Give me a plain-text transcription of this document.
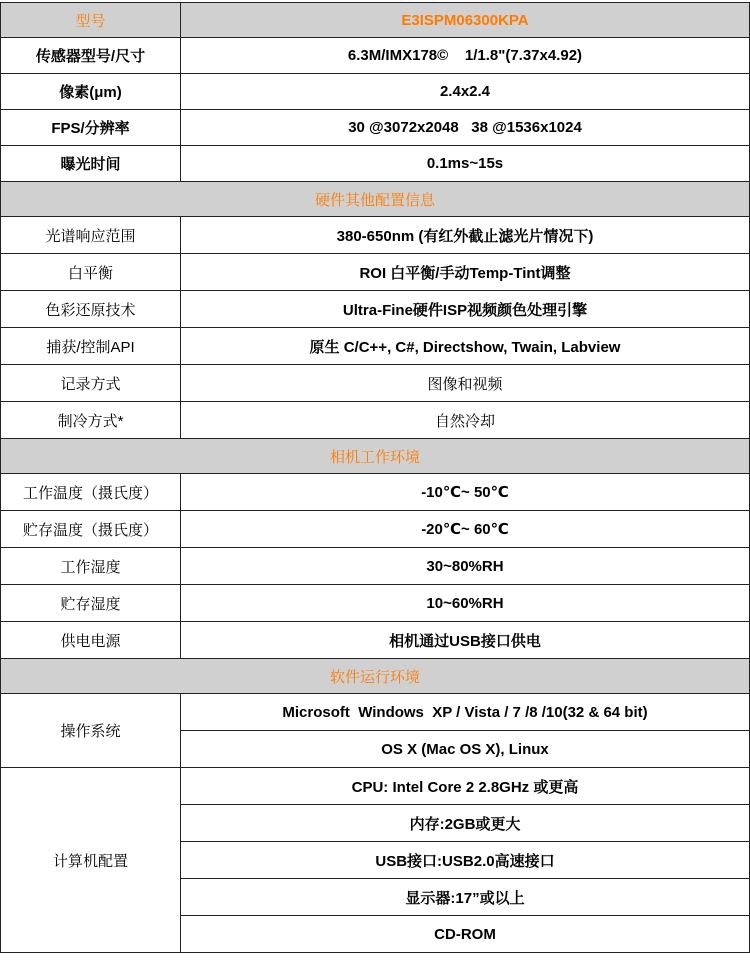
型号	E3ISPM06300KPA
传感器型号/尺寸	6.3M/IMX178©    1/1.8"(7.37x4.92)
像素(μm)	2.4x2.4
FPS/分辨率	30 @3072x2048   38 @1536x1024
曝光时间	0.1ms~15s
硬件其他配置信息	
光谱响应范围	380-650nm (有红外截止滤光片情况下)
白平衡	ROI 白平衡/手动Temp-Tint调整
色彩还原技术	Ultra-Fine硬件ISP视频颜色处理引擎
捕获/控制API	原生 C/C++, C#, Directshow, Twain, Labview
记录方式	图像和视频
制冷方式*	自然冷却
相机工作环境	
工作温度（摄氏度）	-10℃~ 50℃
贮存温度（摄氏度）	-20℃~ 60℃
工作湿度	30~80%RH
贮存湿度	10~60%RH
供电电源	相机通过USB接口供电
软件运行环境	
操作系统	Microsoft  Windows  XP / Vista / 7 /8 /10(32 & 64 bit)
	OS X (Mac OS X), Linux
计算机配置	CPU: Intel Core 2 2.8GHz 或更高
	内存:2GB或更大
	USB接口:USB2.0高速接口
	显示器:17”或以上
	CD-ROM
